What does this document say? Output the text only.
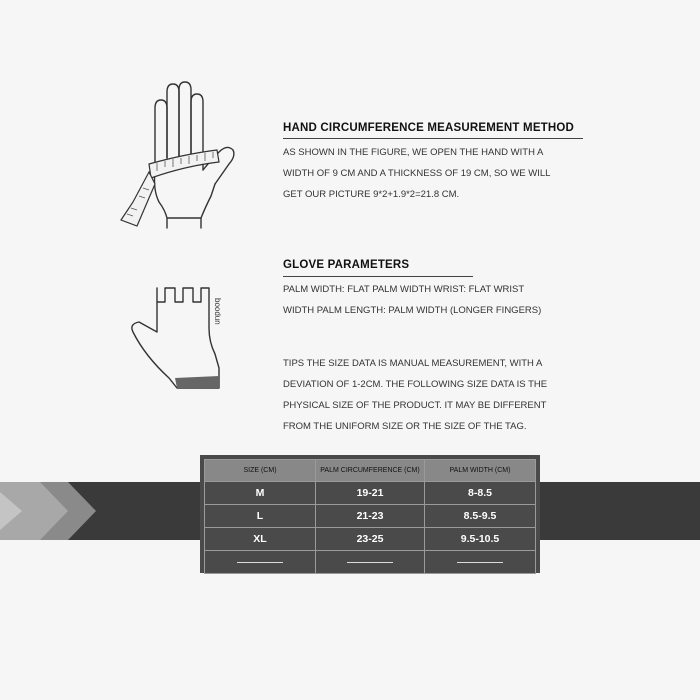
HAND CIRCUMFERENCE MEASUREMENT METHOD
AS SHOWN IN THE FIGURE, WE OPEN THE HAND WITH A
WIDTH OF 9 CM AND A THICKNESS OF 19 CM, SO WE WILL
GET OUR PICTURE 9*2+1.9*2=21.8 CM.
boodun
GLOVE PARAMETERS
PALM WIDTH: FLAT PALM WIDTH WRIST: FLAT WRIST
WIDTH PALM LENGTH: PALM WIDTH (LONGER FINGERS)
TIPS THE SIZE DATA IS MANUAL MEASUREMENT, WITH A
DEVIATION OF 1-2CM. THE FOLLOWING SIZE DATA IS THE
PHYSICAL SIZE OF THE PRODUCT. IT MAY BE DIFFERENT
FROM THE UNIFORM SIZE OR THE SIZE OF THE TAG.
SIZE (CM)	PALM CIRCUMFERENCE (CM)	PALM WIDTH (CM)
M	19-21	8-8.5
L	21-23	8.5-9.5
XL	23-25	9.5-10.5
